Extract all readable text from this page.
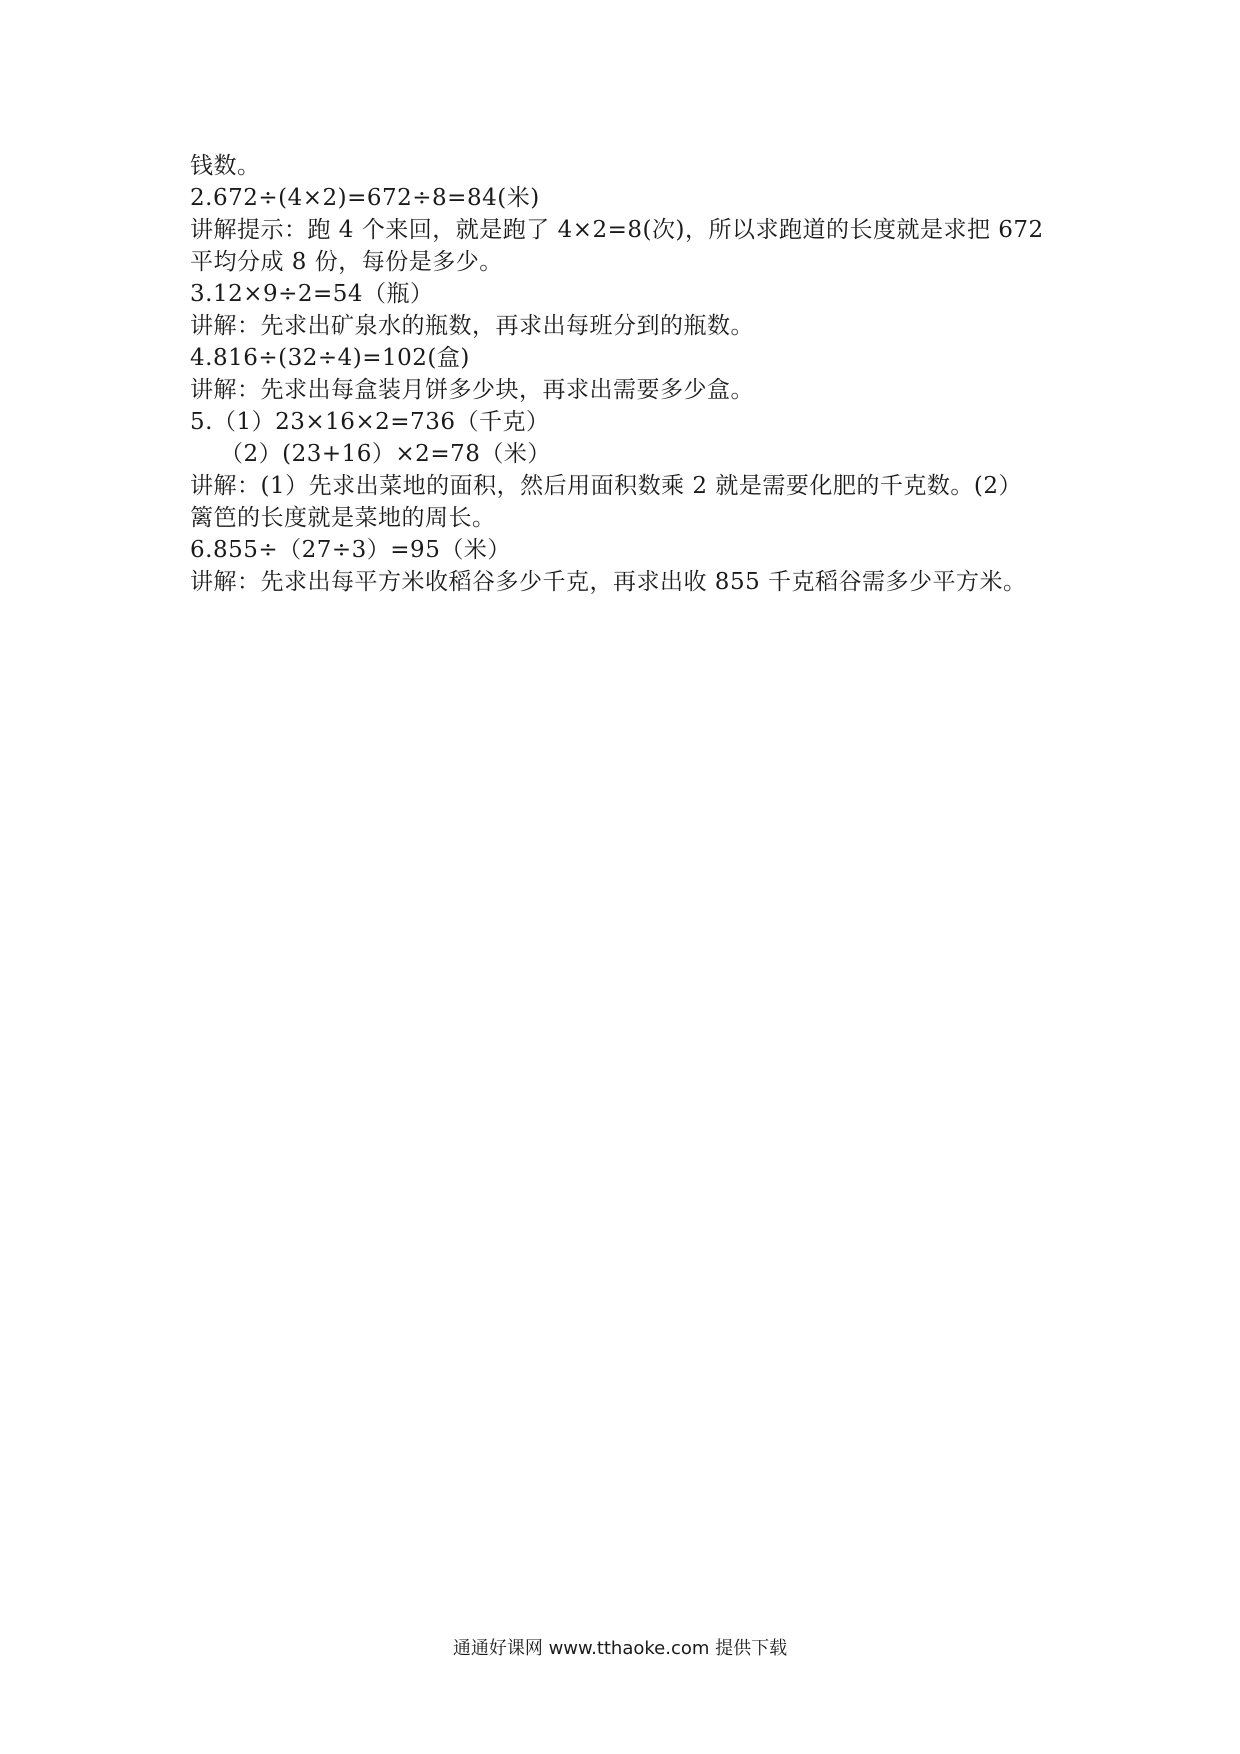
钱数。
2.672÷(4×2)=672÷8=84(米)
讲解提示：跑 4 个来回，就是跑了 4×2=8(次)，所以求跑道的长度就是求把 672
平均分成 8 份，每份是多少。
3.12×9÷2=54（瓶）
讲解：先求出矿泉水的瓶数，再求出每班分到的瓶数。
4.816÷(32÷4)=102(盒)
讲解：先求出每盒装月饼多少块，再求出需要多少盒。
5.（1）23×16×2=736（千克）
（2）(23+16）×2=78（米）
讲解：(1）先求出菜地的面积，然后用面积数乘 2 就是需要化肥的千克数。(2）
篱笆的长度就是菜地的周长。
6.855÷（27÷3）=95（米）
讲解：先求出每平方米收稻谷多少千克，再求出收 855 千克稻谷需多少平方米。
通通好课网 www.tthaoke.com 提供下载
